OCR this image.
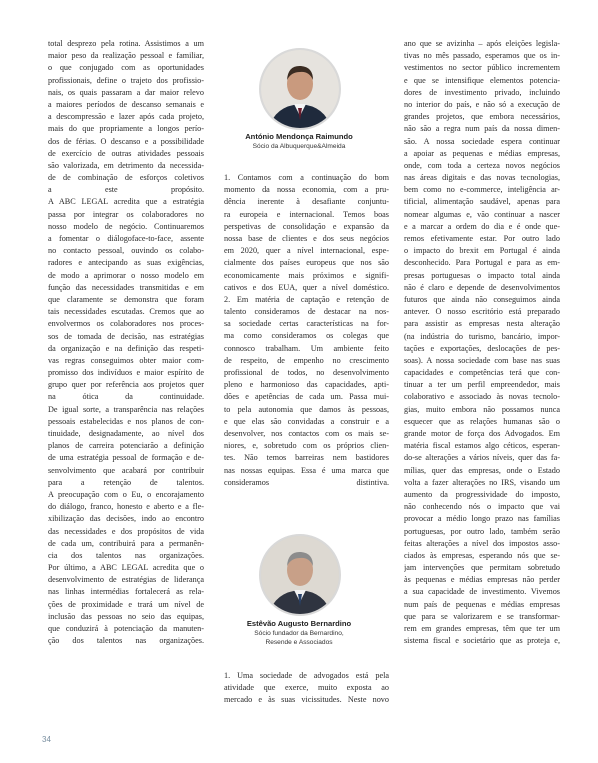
total desprezo pela rotina. Assistimos a um
maior peso da realização pessoal e familiar,
o que conjugado com as oportunidades
profissionais, define o trajeto dos profissio-
nais, os quais passaram a dar maior relevo
a maiores períodos de descanso semanais e
a descompressão e lazer após cada projeto,
mais do que propriamente a longos perío-
dos de férias. O descanso e a possibilidade
de exercício de outras atividades pessoais
são valorizada, em detrimento da necessida-
de de combinação de esforços coletivos
a este propósito.
A ABC LEGAL acredita que a estratégia
passa por integrar os colaboradores no
nosso modelo de negócio. Continuaremos
a fomentar o diálogoface-to-face, assente
no contacto pessoal, ouvindo os colabo-
radores e antecipando as suas exigências,
de modo a aprimorar o nosso modelo em
função das necessidades transmitidas e em
que claramente se demonstra que foram
tais necessidades escutadas. Cremos que ao
envolvermos os colaboradores nos proces-
sos de tomada de decisão, nas estratégias
da organização e na definição das respeti-
vas regras conseguimos obter maior com-
promisso dos indivíduos e maior espírito de
grupo quer por referência aos projetos quer
na ótica da continuidade.
De igual sorte, a transparência nas relações
pessoais estabelecidas e nos planos de con-
tinuidade, designadamente, ao nível dos
planos de carreira potenciarão a definição
de uma estratégia pessoal de formação e de-
senvolvimento que acabará por contribuir
para a retenção de talentos.
A preocupação com o Eu, o encorajamento
do diálogo, franco, honesto e aberto e a fle-
xibilização das decisões, indo ao encontro
das necessidades e dos propósitos de vida
de cada um, contribuirá para a permanên-
cia dos talentos nas organizações.
Por último, a ABC LEGAL acredita que o
desenvolvimento de estratégias de liderança
nas linhas intermédias fortalecerá as rela-
ções de proximidade e trará um nível de
inclusão das pessoas no seio das equipas,
que conduzirá à potenciação da manuten-
ção dos talentos nas organizações.
António Mendonça Raimundo
Sócio da Albuquerque&Almeida
1. Contamos com a continuação do bom
momento da nossa economia, com a pru-
dência inerente à desafiante conjuntu-
ra europeia e internacional. Temos boas
perspetivas de consolidação e expansão da
nossa base de clientes e dos seus negócios
em 2020, quer a nível internacional, espe-
cialmente dos países europeus que nos são
economicamente mais próximos e signifi-
cativos e dos EUA, quer a nível doméstico.
2. Em matéria de captação e retenção de
talento consideramos de destacar na nos-
sa sociedade certas características na for-
ma como consideramos os colegas que
connosco trabalham. Um ambiente feito
de respeito, de empenho no crescimento
profissional de todos, no desenvolvimento
pleno e harmonioso das capacidades, apti-
dões e apetências de cada um. Passa mui-
to pela autonomia que damos às pessoas,
e que elas são convidadas a construir e a
desenvolver, nos contactos com os mais se-
niores, e, sobretudo com os próprios clien-
tes. Não temos barreiras nem bastidores
nas nossas equipas. Essa é uma marca que
consideramos distintiva.
Estêvão Augusto Bernardino
Sócio fundador da Bernardino,
Resende e Associados
1. Uma sociedade de advogados está pela
atividade que exerce, muito exposta ao
mercado e às suas vicissitudes. Neste novo
ano que se avizinha – após eleições legisla-
tivas no mês passado, esperamos que os in-
vestimentos no sector público incrementem
e que se intensifique elementos potencia-
dores de investimento privado, incluindo
no interior do país, e não só a execução de
grandes projetos, que embora necessários,
não são a regra num país da nossa dimen-
são. A nossa sociedade espera continuar
a apoiar as pequenas e médias empresas,
onde, com toda a certeza novos negócios
nas áreas digitais e das novas tecnologias,
bem como no e-commerce, inteligência ar-
tificial, alimentação saudável, apenas para
nomear algumas e, vão continuar a nascer
e a marcar a ordem do dia e é onde que-
remos efetivamente estar. Por outro lado
o impacto do brexit em Portugal é ainda
desconhecido. Para Portugal e para as em-
presas portuguesas o impacto total ainda
não é claro e depende de desenvolvimentos
futuros que ainda não conseguimos ainda
antever. O nosso escritório está preparado
para assistir as empresas nesta alteração
(na indústria do turismo, bancário, impor-
tações e exportações, deslocações de pes-
soas). A nossa sociedade com base nas suas
capacidades e competências terá que con-
tinuar a ter um perfil empreendedor, mais
colaborativo e associado às novas tecnolo-
gias, muito embora não possamos nunca
esquecer que as relações humanas são o
grande motor de força dos Advogados. Em
matéria fiscal estamos algo céticos, esperan-
do-se alterações a vários níveis, quer das fa-
mílias, quer das empresas, onde o Estado
volta a fazer alterações no IRS, visando um
aumento da progressividade do imposto,
não conhecendo nós o impacto que vai
provocar a médio longo prazo nas famílias
portuguesas, por outro lado, também serão
feitas alterações a nível dos impostos asso-
ciados às empresas, esperando nós que se-
jam intervenções que permitam sobretudo
às pequenas e médias empresas não perder
a sua capacidade de investimento. Vivemos
num país de pequenas e médias empresas
que para se valorizarem e se transformar-
rem em grandes empresas, têm que ter um
sistema fiscal e societário que as proteja e,
34
